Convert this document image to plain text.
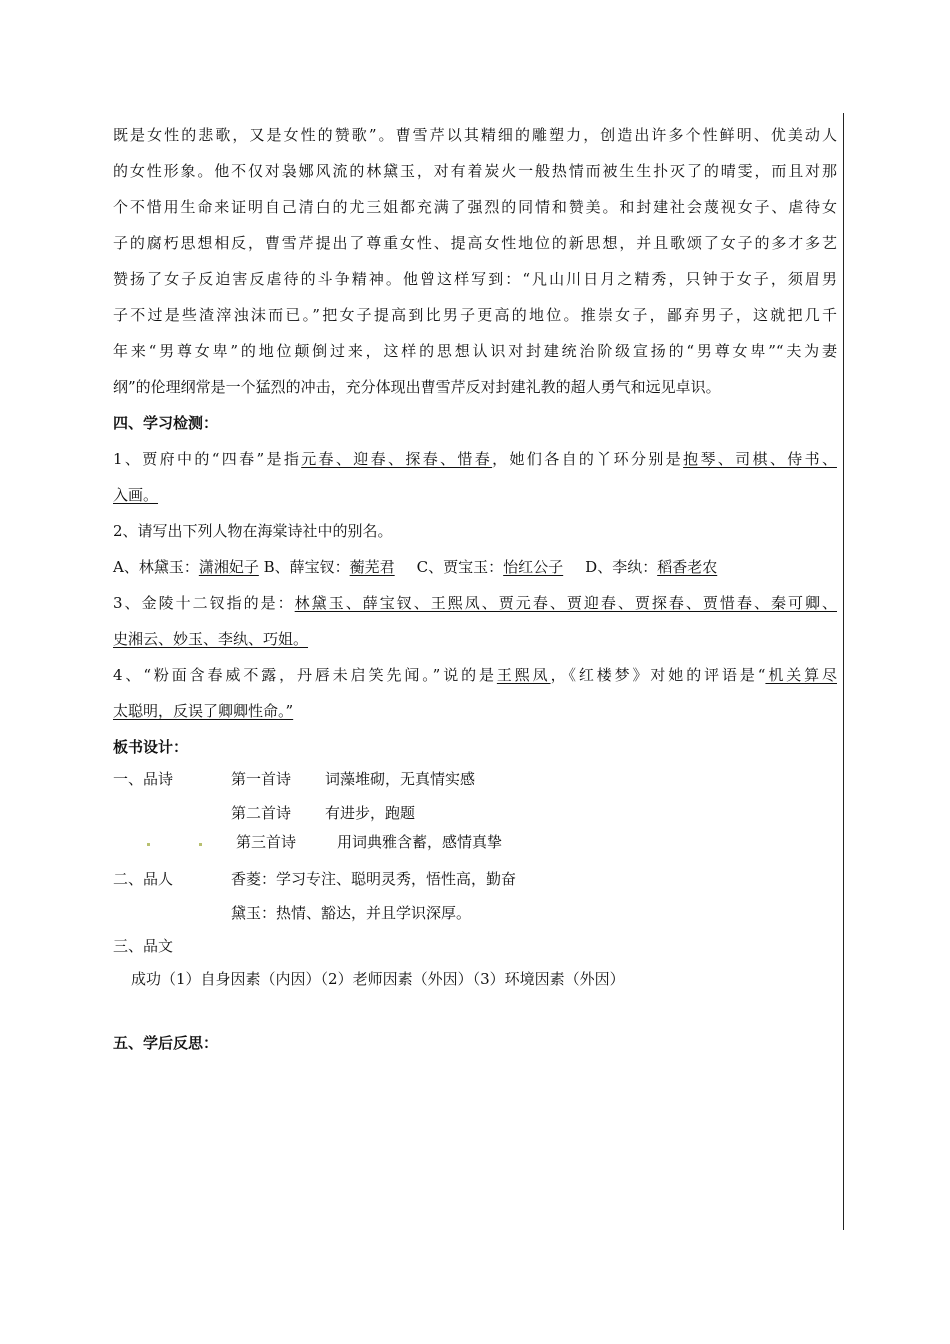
既是女性的悲歌，又是女性的赞歌”。曹雪芹以其精细的雕塑力，创造出许多个性鲜明、优美动人
的女性形象。他不仅对袅娜风流的林黛玉，对有着炭火一般热情而被生生扑灭了的晴雯，而且对那
个不惜用生命来证明自己清白的尤三姐都充满了强烈的同情和赞美。和封建社会蔑视女子、虐待女
子的腐朽思想相反，曹雪芹提出了尊重女性、提高女性地位的新思想，并且歌颂了女子的多才多艺
赞扬了女子反迫害反虐待的斗争精神。他曾这样写到：“凡山川日月之精秀，只钟于女子，须眉男
子不过是些渣滓浊沫而已。”把女子提高到比男子更高的地位。推崇女子，鄙弃男子，这就把几千
年来“男尊女卑”的地位颠倒过来，这样的思想认识对封建统治阶级宣扬的“男尊女卑”“夫为妻
纲”的伦理纲常是一个猛烈的冲击，充分体现出曹雪芹反对封建礼教的超人勇气和远见卓识。
四、学习检测：
1、贾府中的“四春”是指元春、迎春、探春、惜春，她们各自的丫环分别是抱琴、司棋、侍书、
入画。
2、请写出下列人物在海棠诗社中的别名。
A、林黛玉：潇湘妃子 B、薛宝钗：蘅芜君 C、贾宝玉：怡红公子 D、李纨：稻香老农
3、金陵十二钗指的是：林黛玉、薛宝钗、王熙凤、贾元春、贾迎春、贾探春、贾惜春、秦可卿、
史湘云、妙玉、李纨、巧姐。
4、“粉面含春威不露，丹唇未启笑先闻。”说的是王熙凤，《红楼梦》对她的评语是“机关算尽
太聪明，反误了卿卿性命。”
板书设计：
一、品诗	第一首诗 词藻堆砌，无真情实感
第二首诗 有进步，跑题
第三首诗	用词典雅含蓄，感情真挚
二、品人	香菱：学习专注、聪明灵秀，悟性高，勤奋
黛玉：热情、豁达，并且学识深厚。
三、品文
成功（1）自身因素（内因）（2）老师因素（外因）（3）环境因素（外因）
五、学后反思：
